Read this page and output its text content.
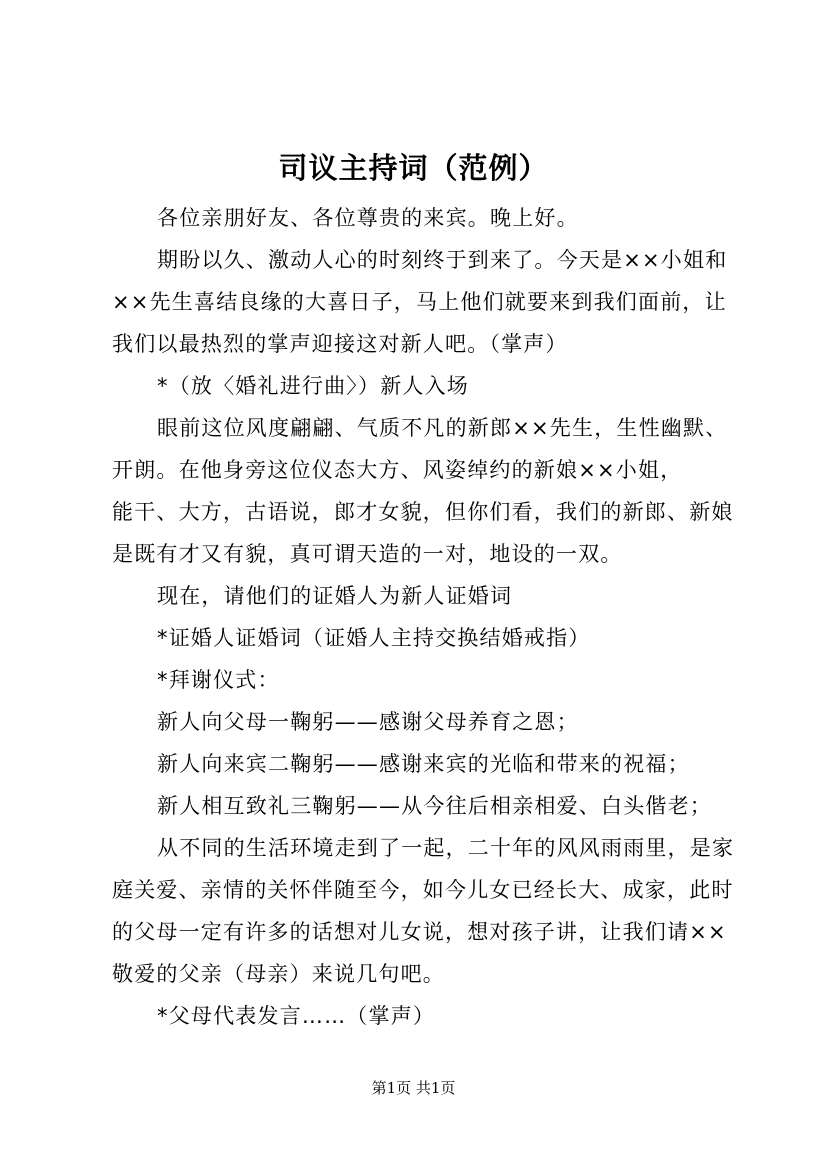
司议主持词（范例）
各位亲朋好友、各位尊贵的来宾。晚上好。
期盼以久、激动人心的时刻终于到来了。今天是××小姐和
××先生喜结良缘的大喜日子，马上他们就要来到我们面前，让
我们以最热烈的掌声迎接这对新人吧。（掌声）
*（放〈婚礼进行曲〉）新人入场
眼前这位风度翩翩、气质不凡的新郎××先生，生性幽默、
开朗。在他身旁这位仪态大方、风姿绰约的新娘××小姐，
能干、大方，古语说，郎才女貌，但你们看，我们的新郎、新娘
是既有才又有貌，真可谓天造的一对，地设的一双。
现在，请他们的证婚人为新人证婚词
*证婚人证婚词（证婚人主持交换结婚戒指）
*拜谢仪式：
新人向父母一鞠躬——感谢父母养育之恩；
新人向来宾二鞠躬——感谢来宾的光临和带来的祝福；
新人相互致礼三鞠躬——从今往后相亲相爱、白头偕老；
从不同的生活环境走到了一起，二十年的风风雨雨里，是家
庭关爱、亲情的关怀伴随至今，如今儿女已经长大、成家，此时
的父母一定有许多的话想对儿女说，想对孩子讲，让我们请××
敬爱的父亲（母亲）来说几句吧。
*父母代表发言……（掌声）
第1页 共1页
